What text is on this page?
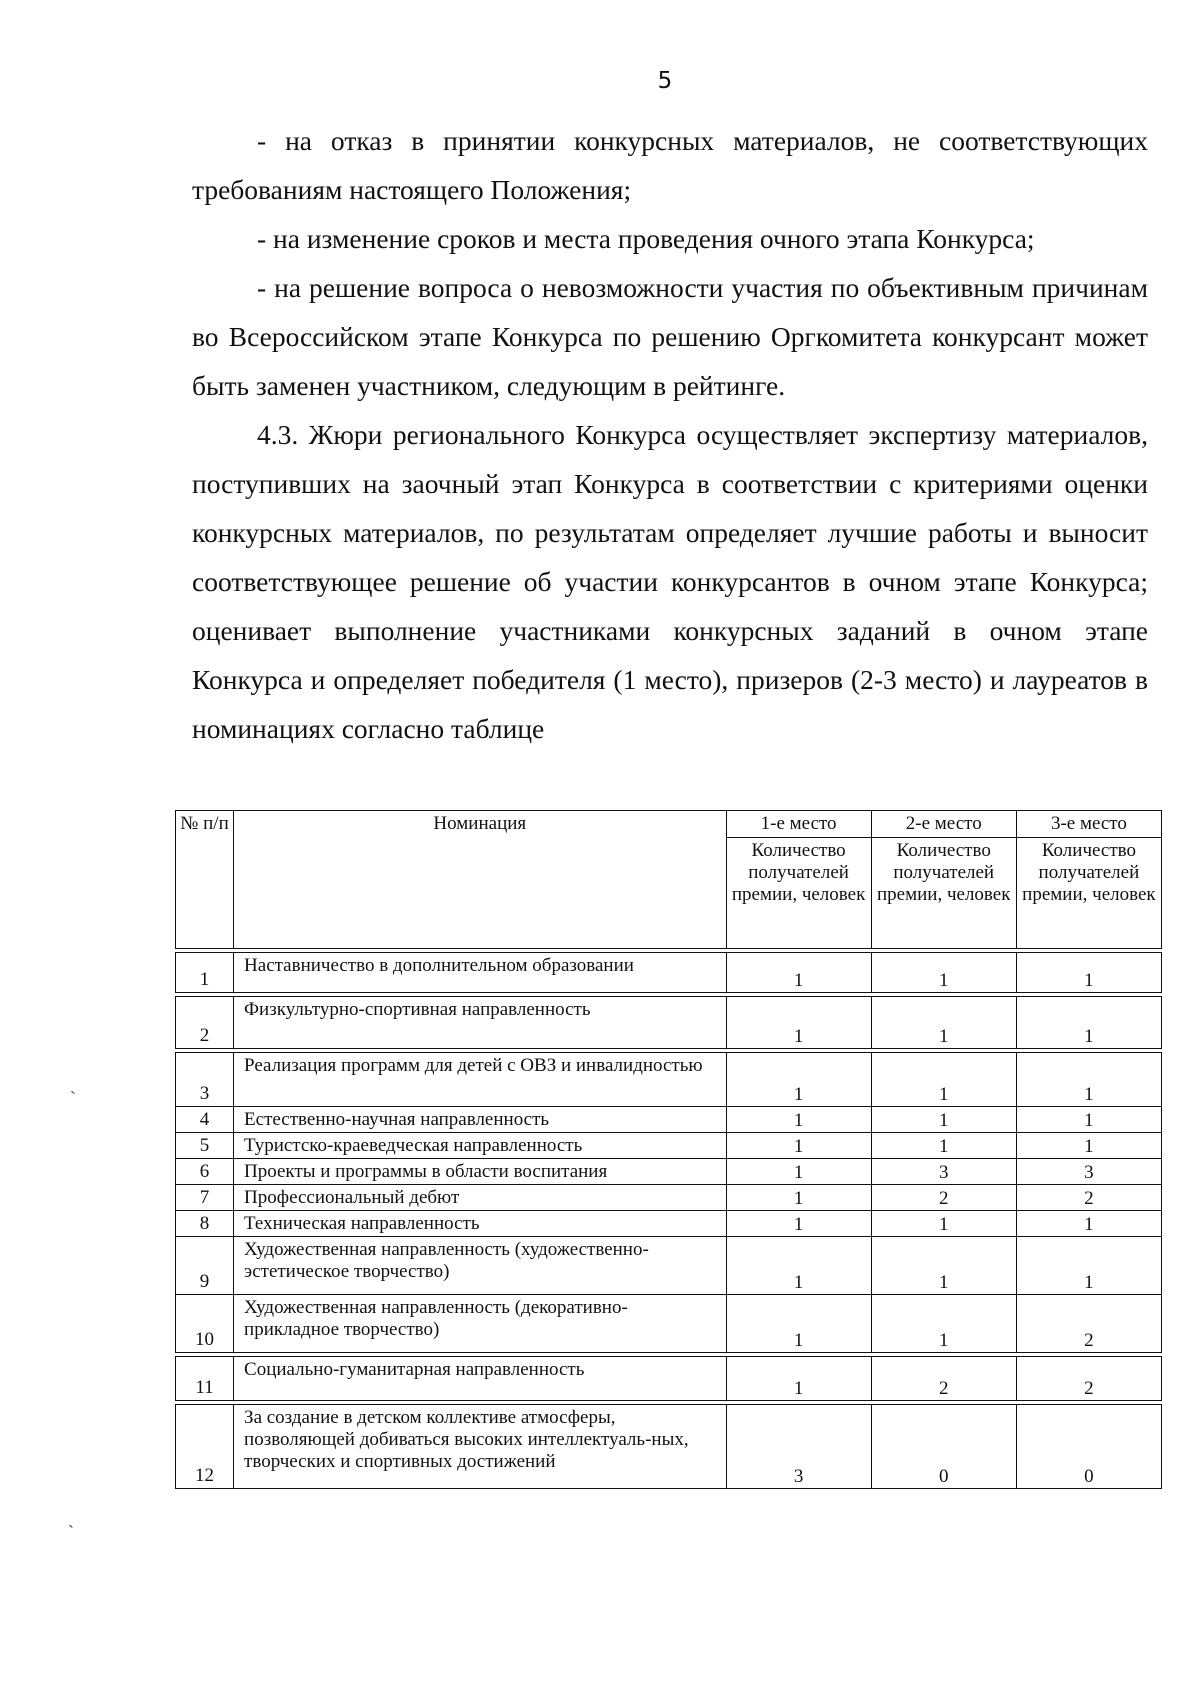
5

- на отказ в принятии конкурсных материалов, не соответствующих требованиям настоящего Положения;

- на изменение сроков и места проведения очного этапа Конкурса;

- на решение вопроса о невозможности участия по объективным причинам во Всероссийском этапе Конкурса по решению Оргкомитета конкурсант может быть заменен участником, следующим в рейтинге.

4.3. Жюри регионального Конкурса осуществляет экспертизу материалов, поступивших на заочный этап Конкурса в соответствии с критериями оценки конкурсных материалов, по результатам определяет лучшие работы и выносит соответствующее решение об участии конкурсантов в очном этапе Конкурса; оценивает выполнение участниками конкурсных заданий в очном этапе Конкурса и определяет победителя (1 место), призеров (2-3 место) и лауреатов в номинациях согласно таблице

№ п/п	Номинация	1-е место	2-е место	3-е место
		Количество получателей премии, человек	Количество получателей премии, человек	Количество получателей премии, человек

1	Наставничество в дополнительном образовании	1	1	1

2	Физкультурно-спортивная направленность	1	1	1

3	Реализация программ для детей с ОВЗ и инвалидностью	1	1	1
4	Естественно-научная направленность	1	1	1
5	Туристско-краеведческая направленность	1	1	1
6	Проекты и программы в области воспитания	1	3	3
7	Профессиональный дебют	1	2	2
8	Техническая направленность	1	1	1
9	Художественная направленность (художественно-эстетическое творчество)	1	1	1
10	Художественная направленность (декоративно-прикладное творчество)	1	1	2

11	Социально-гуманитарная направленность	1	2	2

12	За создание в детском коллективе атмосферы, позволяющей добиваться высоких интеллектуаль-ных, творческих и спортивных достижений	3	0	0
ˏ
ˏ
